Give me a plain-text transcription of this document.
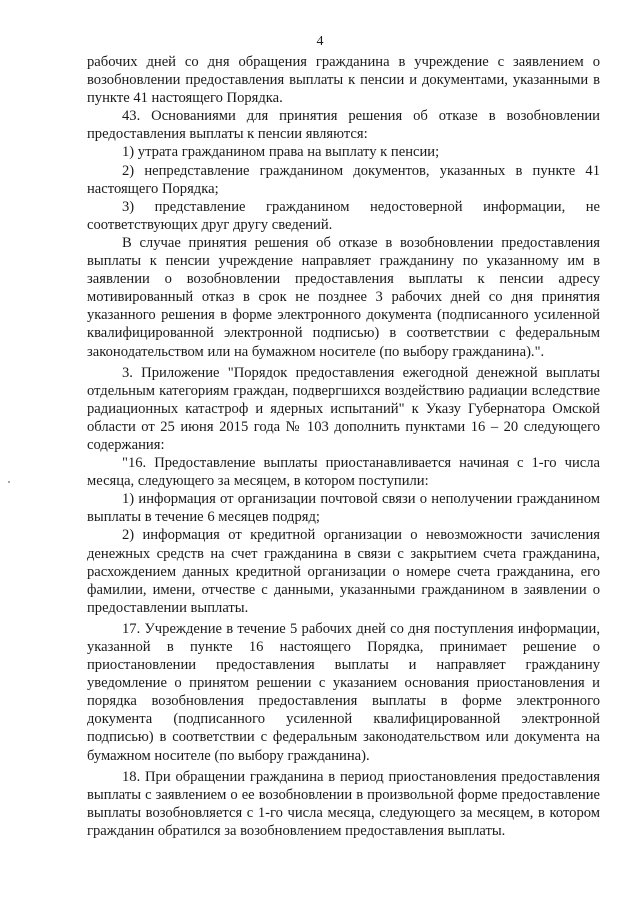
4

рабочих дней со дня обращения гражданина в учреждение с заявлением о возобновлении предоставления выплаты к пенсии и документами, указанными в пункте 41 настоящего Порядка.

43. Основаниями для принятия решения об отказе в возобновлении предоставления выплаты к пенсии являются:

1) утрата гражданином права на выплату к пенсии;

2) непредставление гражданином документов, указанных в пункте 41 настоящего Порядка;

3) представление гражданином недостоверной информации, не соответствующих друг другу сведений.

В случае принятия решения об отказе в возобновлении предоставления выплаты к пенсии учреждение направляет гражданину по указанному им в заявлении о возобновлении предоставления выплаты к пенсии адресу мотивированный отказ в срок не позднее 3 рабочих дней со дня принятия указанного решения в форме электронного документа (подписанного усиленной квалифицированной электронной подписью) в соответствии с федеральным законодательством или на бумажном носителе (по выбору гражданина).".

3. Приложение "Порядок предоставления ежегодной денежной выплаты отдельным категориям граждан, подвергшихся воздействию радиации вследствие радиационных катастроф и ядерных испытаний" к Указу Губернатора Омской области от 25 июня 2015 года № 103 дополнить пунктами 16 – 20 следующего содержания:

"16. Предоставление выплаты приостанавливается начиная с 1-го числа месяца, следующего за месяцем, в котором поступили:

1) информация от организации почтовой связи о неполучении гражданином выплаты в течение 6 месяцев подряд;

2) информация от кредитной организации о невозможности зачисления денежных средств на счет гражданина в связи с закрытием счета гражданина, расхождением данных кредитной организации о номере счета гражданина, его фамилии, имени, отчестве с данными, указанными гражданином в заявлении о предоставлении выплаты.

17. Учреждение в течение 5 рабочих дней со дня поступления информации, указанной в пункте 16 настоящего Порядка, принимает решение о приостановлении предоставления выплаты и направляет гражданину уведомление о принятом решении с указанием основания приостановления и порядка возобновления предоставления выплаты в форме электронного документа (подписанного усиленной квалифицированной электронной подписью) в соответствии с федеральным законодательством или документа на бумажном носителе (по выбору гражданина).

18. При обращении гражданина в период приостановления предоставления выплаты с заявлением о ее возобновлении в произвольной форме предоставление выплаты возобновляется с 1-го числа месяца, следующего за месяцем, в котором гражданин обратился за возобновлением предоставления выплаты.
